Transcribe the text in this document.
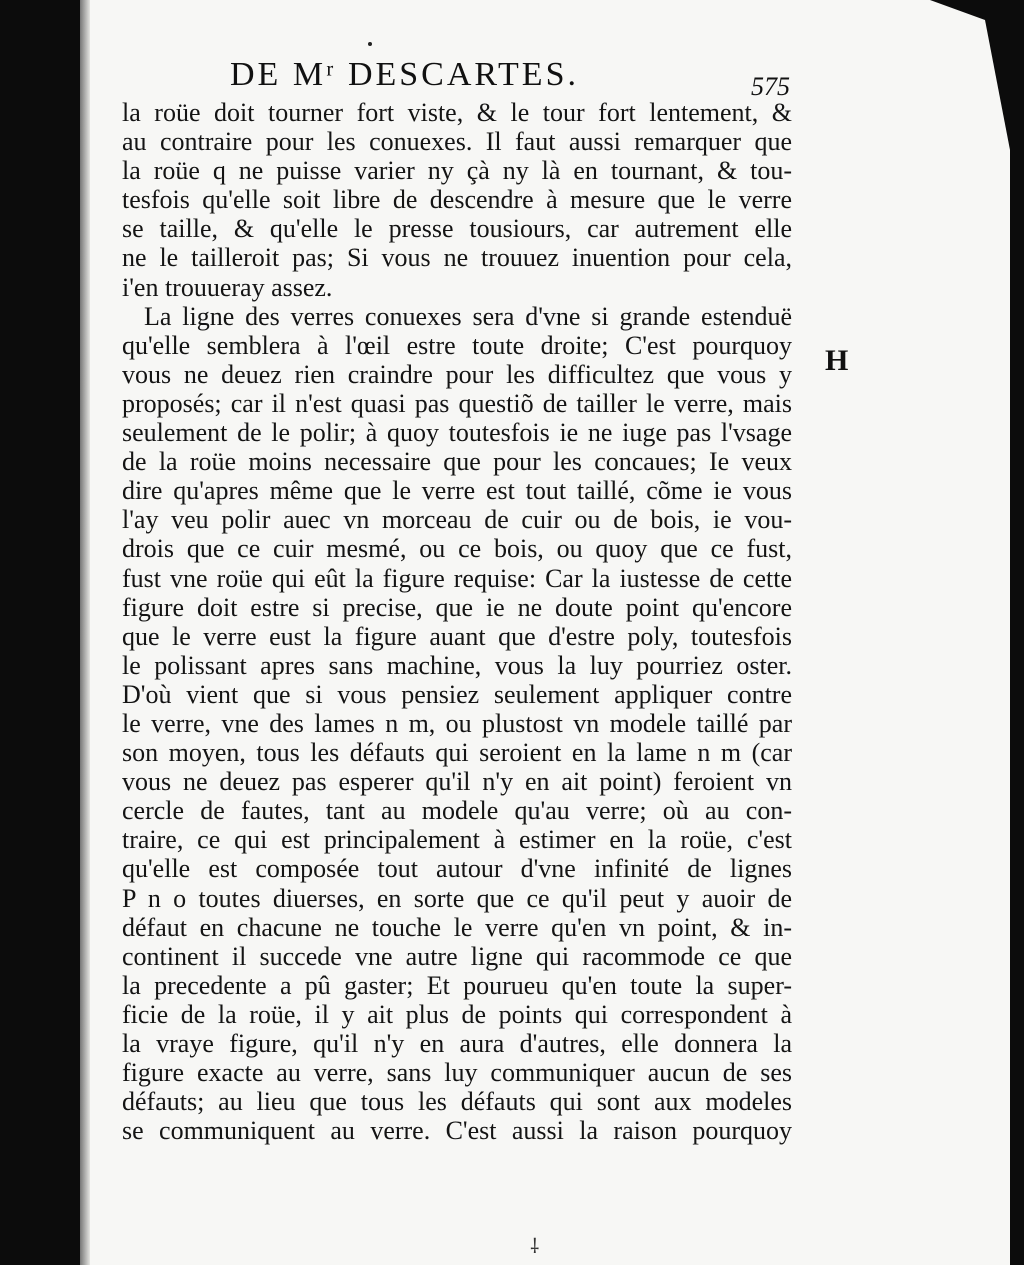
DE Mʳ DESCARTES.	575
la roüe doit tourner fort viste, & le tour fort lentement, &
au contraire pour les conuexes. Il faut aussi remarquer que
la roüe q ne puisse varier ny çà ny là en tournant, & tou-
tesfois qu'elle soit libre de descendre à mesure que le verre
se taille, & qu'elle le presse tousiours, car autrement elle
ne le tailleroit pas; Si vous ne trouuez inuention pour cela,
i'en trouueray assez.
La ligne des verres conuexes sera d'vne si grande estenduë
qu'elle semblera à l'œil estre toute droite; C'est pourquoy
vous ne deuez rien craindre pour les difficultez que vous y
proposés; car il n'est quasi pas questiõ de tailler le verre, mais
seulement de le polir; à quoy toutesfois ie ne iuge pas l'vsage
de la roüe moins necessaire que pour les concaues; Ie veux
dire qu'apres même que le verre est tout taillé, cõme ie vous
l'ay veu polir auec vn morceau de cuir ou de bois, ie vou-
drois que ce cuir mesmé, ou ce bois, ou quoy que ce fust,
fust vne roüe qui eût la figure requise: Car la iustesse de cette
figure doit estre si precise, que ie ne doute point qu'encore
que le verre eust la figure auant que d'estre poly, toutesfois
le polissant apres sans machine, vous la luy pourriez oster.
D'où vient que si vous pensiez seulement appliquer contre
le verre, vne des lames n m, ou plustost vn modele taillé par
son moyen, tous les défauts qui seroient en la lame n m (car
vous ne deuez pas esperer qu'il n'y en ait point) feroient vn
cercle de fautes, tant au modele qu'au verre; où au con-
traire, ce qui est principalement à estimer en la roüe, c'est
qu'elle est composée tout autour d'vne infinité de lignes
P n o toutes diuerses, en sorte que ce qu'il peut y auoir de
défaut en chacune ne touche le verre qu'en vn point, & in-
continent il succede vne autre ligne qui racommode ce que
la precedente a pû gaster; Et pourueu qu'en toute la super-
ficie de la roüe, il y ait plus de points qui correspondent à
la vraye figure, qu'il n'y en aura d'autres, elle donnera la
figure exacte au verre, sans luy communiquer aucun de ses
défauts; au lieu que tous les défauts qui sont aux modeles
se communiquent au verre. C'est aussi la raison pourquoy
H
⸸
